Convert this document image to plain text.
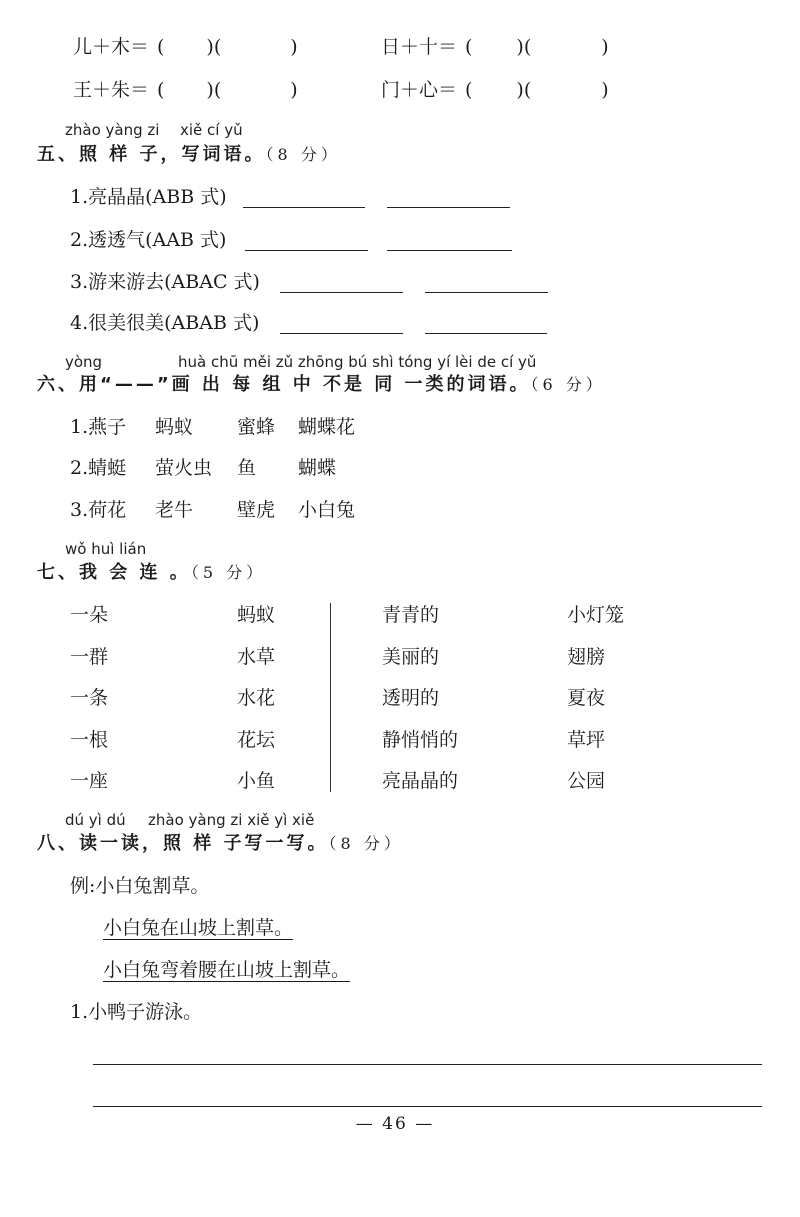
儿＋木＝ ( ) (	)	日＋十＝ ( ) (	)
王＋朱＝ ( ) (	)	门＋心＝ ( ) (	)
zhào yàng zi xiě cí yǔ
五、照 样 子，写词语。（8 分）
1.亮晶晶(ABB 式)
2.透透气(AAB 式)
3.游来游去(ABAC 式)
4.很美很美(ABAB 式)
yòng	huà chū měi zǔ zhōng bú shì tóng yí lèi de cí yǔ
六、用“——”画 出 每 组 中 不是 同 一类的词语。（6 分）
1.燕子 蚂蚁 蜜蜂 蝴蝶花
2.蜻蜓 萤火虫 鱼 蝴蝶
3.荷花 老牛 壁虎 小白兔
wǒ huì lián
七、我 会 连 。（5 分）
一朵	蚂蚁	青青的	小灯笼
一群	水草	美丽的	翅膀
一条	水花	透明的	夏夜
一根	花坛	静悄悄的	草坪
一座	小鱼	亮晶晶的	公园
dú yì dú zhào yàng zi xiě yì xiě
八、读一读，照 样 子写一写。（8 分）
例:小白兔割草。
小白兔在山坡上割草。
小白兔弯着腰在山坡上割草。
1.小鸭子游泳。
— 46 —
